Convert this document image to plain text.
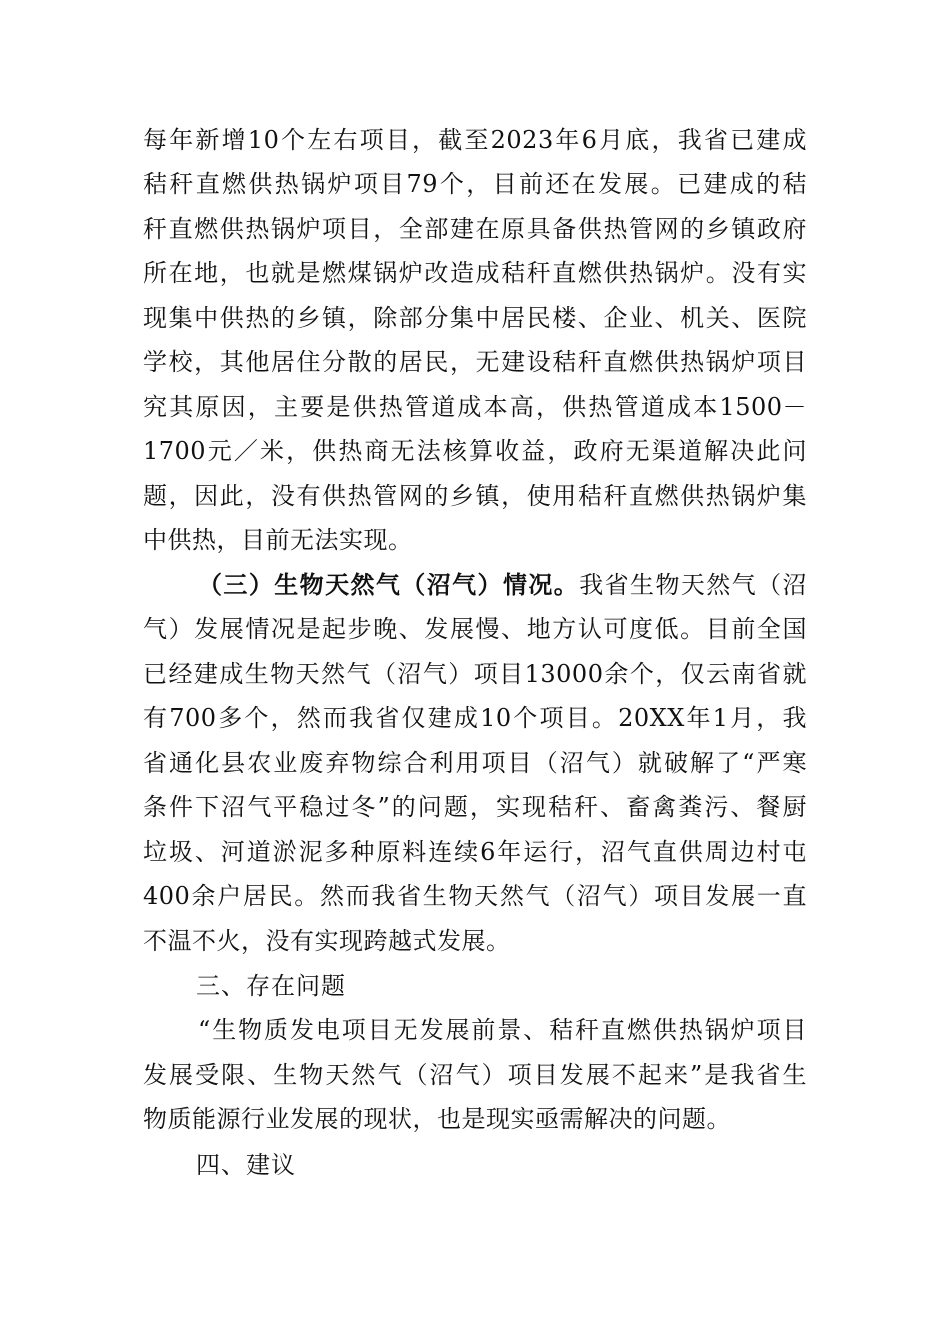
每年新增10个左右项目，截至2023年6月底，我省已建成
秸秆直燃供热锅炉项目79个，目前还在发展。已建成的秸
秆直燃供热锅炉项目，全部建在原具备供热管网的乡镇政府
所在地，也就是燃煤锅炉改造成秸秆直燃供热锅炉。没有实
现集中供热的乡镇，除部分集中居民楼、企业、机关、医院
学校，其他居住分散的居民，无建设秸秆直燃供热锅炉项目
究其原因，主要是供热管道成本高，供热管道成本1500－
1700元／米，供热商无法核算收益，政府无渠道解决此问
题，因此，没有供热管网的乡镇，使用秸秆直燃供热锅炉集
中供热，目前无法实现。
（三）生物天然气（沼气）情况。我省生物天然气（沼
气）发展情况是起步晚、发展慢、地方认可度低。目前全国
已经建成生物天然气（沼气）项目13000余个，仅云南省就
有700多个，然而我省仅建成10个项目。20XX年1月，我
省通化县农业废弃物综合利用项目（沼气）就破解了“严寒
条件下沼气平稳过冬”的问题，实现秸秆、畜禽粪污、餐厨
垃圾、河道淤泥多种原料连续6年运行，沼气直供周边村屯
400余户居民。然而我省生物天然气（沼气）项目发展一直
不温不火，没有实现跨越式发展。
三、存在问题
“生物质发电项目无发展前景、秸秆直燃供热锅炉项目
发展受限、生物天然气（沼气）项目发展不起来”是我省生
物质能源行业发展的现状，也是现实亟需解决的问题。
四、建议
